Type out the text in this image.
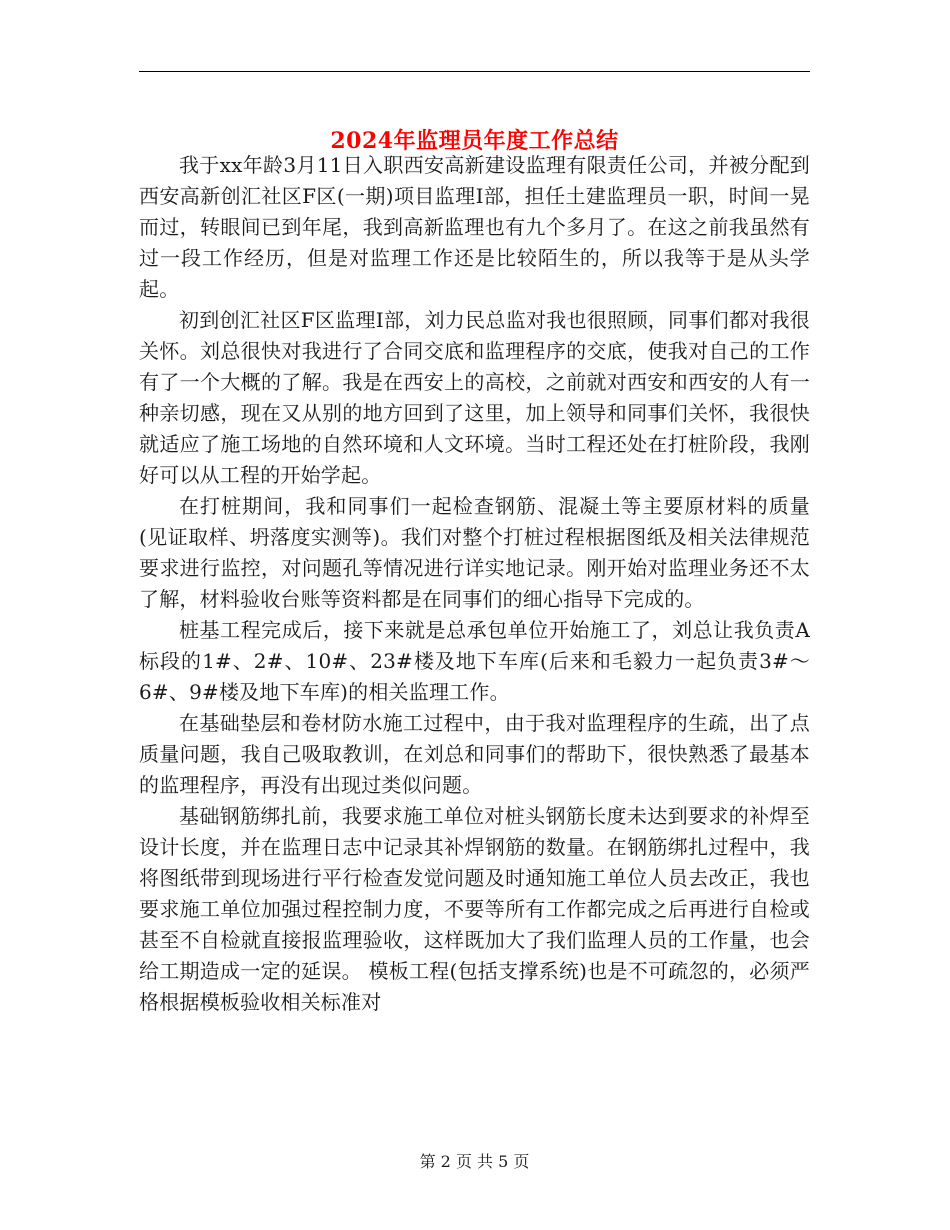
2024年监理员年度工作总结

我于xx年龄3月11日入职西安高新建设监理有限责任公司，并被分配到西安高新创汇社区F区(一期)项目监理Ⅰ部，担任土建监理员一职，时间一晃而过，转眼间已到年尾，我到高新监理也有九个多月了。在这之前我虽然有过一段工作经历，但是对监理工作还是比较陌生的，所以我等于是从头学起。

初到创汇社区F区监理Ⅰ部，刘力民总监对我也很照顾，同事们都对我很关怀。刘总很快对我进行了合同交底和监理程序的交底，使我对自己的工作有了一个大概的了解。我是在西安上的高校，之前就对西安和西安的人有一种亲切感，现在又从别的地方回到了这里，加上领导和同事们关怀，我很快就适应了施工场地的自然环境和人文环境。当时工程还处在打桩阶段，我刚好可以从工程的开始学起。

在打桩期间，我和同事们一起检查钢筋、混凝土等主要原材料的质量(见证取样、坍落度实测等)。我们对整个打桩过程根据图纸及相关法律规范要求进行监控，对问题孔等情况进行详实地记录。刚开始对监理业务还不太了解，材料验收台账等资料都是在同事们的细心指导下完成的。

桩基工程完成后，接下来就是总承包单位开始施工了，刘总让我负责A标段的1#、2#、10#、23#楼及地下车库(后来和毛毅力一起负责3#～6#、9#楼及地下车库)的相关监理工作。

在基础垫层和卷材防水施工过程中，由于我对监理程序的生疏，出了点质量问题，我自己吸取教训，在刘总和同事们的帮助下，很快熟悉了最基本的监理程序，再没有出现过类似问题。

基础钢筋绑扎前，我要求施工单位对桩头钢筋长度未达到要求的补焊至设计长度，并在监理日志中记录其补焊钢筋的数量。在钢筋绑扎过程中，我将图纸带到现场进行平行检查发觉问题及时通知施工单位人员去改正，我也要求施工单位加强过程控制力度，不要等所有工作都完成之后再进行自检或甚至不自检就直接报监理验收，这样既加大了我们监理人员的工作量，也会给工期造成一定的延误。 模板工程(包括支撑系统)也是不可疏忽的，必须严格根据模板验收相关标准对

第 2 页 共 5 页
